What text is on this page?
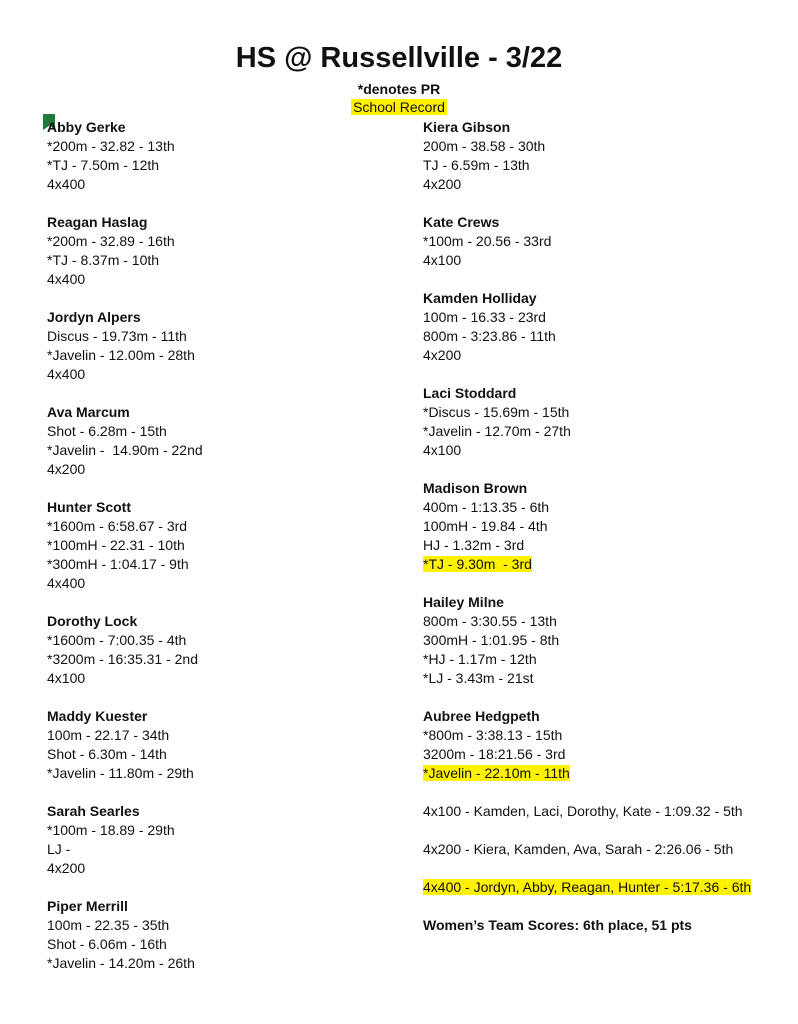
HS @ Russellville - 3/22
*denotes PR
School Record
Abby Gerke
*200m - 32.82 - 13th
*TJ - 7.50m - 12th
4x400
Reagan Haslag
*200m - 32.89 - 16th
*TJ - 8.37m - 10th
4x400
Jordyn Alpers
Discus - 19.73m - 11th
*Javelin - 12.00m - 28th
4x400
Ava Marcum
Shot - 6.28m - 15th
*Javelin -  14.90m - 22nd
4x200
Hunter Scott
*1600m - 6:58.67 - 3rd
*100mH - 22.31 - 10th
*300mH - 1:04.17 - 9th
4x400
Dorothy Lock
*1600m - 7:00.35 - 4th
*3200m - 16:35.31 - 2nd
4x100
Maddy Kuester
100m - 22.17 - 34th
Shot - 6.30m - 14th
*Javelin - 11.80m - 29th
Sarah Searles
*100m - 18.89 - 29th
LJ -
4x200
Piper Merrill
100m - 22.35 - 35th
Shot - 6.06m - 16th
*Javelin - 14.20m - 26th
Kiera Gibson
200m - 38.58 - 30th
TJ - 6.59m - 13th
4x200
Kate Crews
*100m - 20.56 - 33rd
4x100
Kamden Holliday
100m - 16.33 - 23rd
800m - 3:23.86 - 11th
4x200
Laci Stoddard
*Discus - 15.69m - 15th
*Javelin - 12.70m - 27th
4x100
Madison Brown
400m - 1:13.35 - 6th
100mH - 19.84 - 4th
HJ - 1.32m - 3rd
*TJ - 9.30m  - 3rd
Hailey Milne
800m - 3:30.55 - 13th
300mH - 1:01.95 - 8th
*HJ - 1.17m - 12th
*LJ - 3.43m - 21st
Aubree Hedgpeth
*800m - 3:38.13 - 15th
3200m - 18:21.56 - 3rd
*Javelin - 22.10m - 11th
4x100 - Kamden, Laci, Dorothy, Kate - 1:09.32 - 5th
4x200 - Kiera, Kamden, Ava, Sarah - 2:26.06 - 5th
4x400 - Jordyn, Abby, Reagan, Hunter - 5:17.36 - 6th
Women’s Team Scores: 6th place, 51 pts
